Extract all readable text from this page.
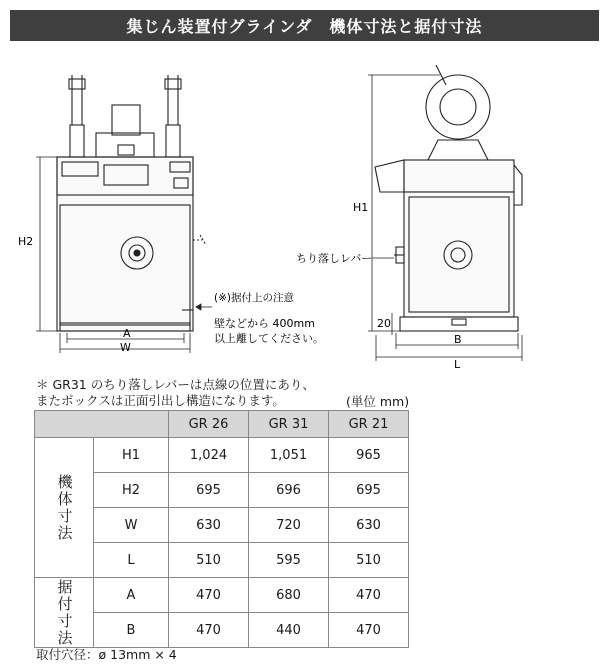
集じん装置付グラインダ　機体寸法と据付寸法
H2
A
W
(※)据付上の注意
壁などから 400mm
以上離してください。
H1
ちり落しレバー
20
B
L
＊ GR31 のちり落しレバーは点線の位置にあり、
またボックスは正面引出し構造になります。	(単位 mm)
		GR 26	GR 31	GR 21
機体寸法	H1	1,024	1,051	965
	H2	695	696	695
	W	630	720	630
	L	510	595	510
据付寸法	A	470	680	470
	B	470	440	470
取付穴径：ø 13mm × 4
